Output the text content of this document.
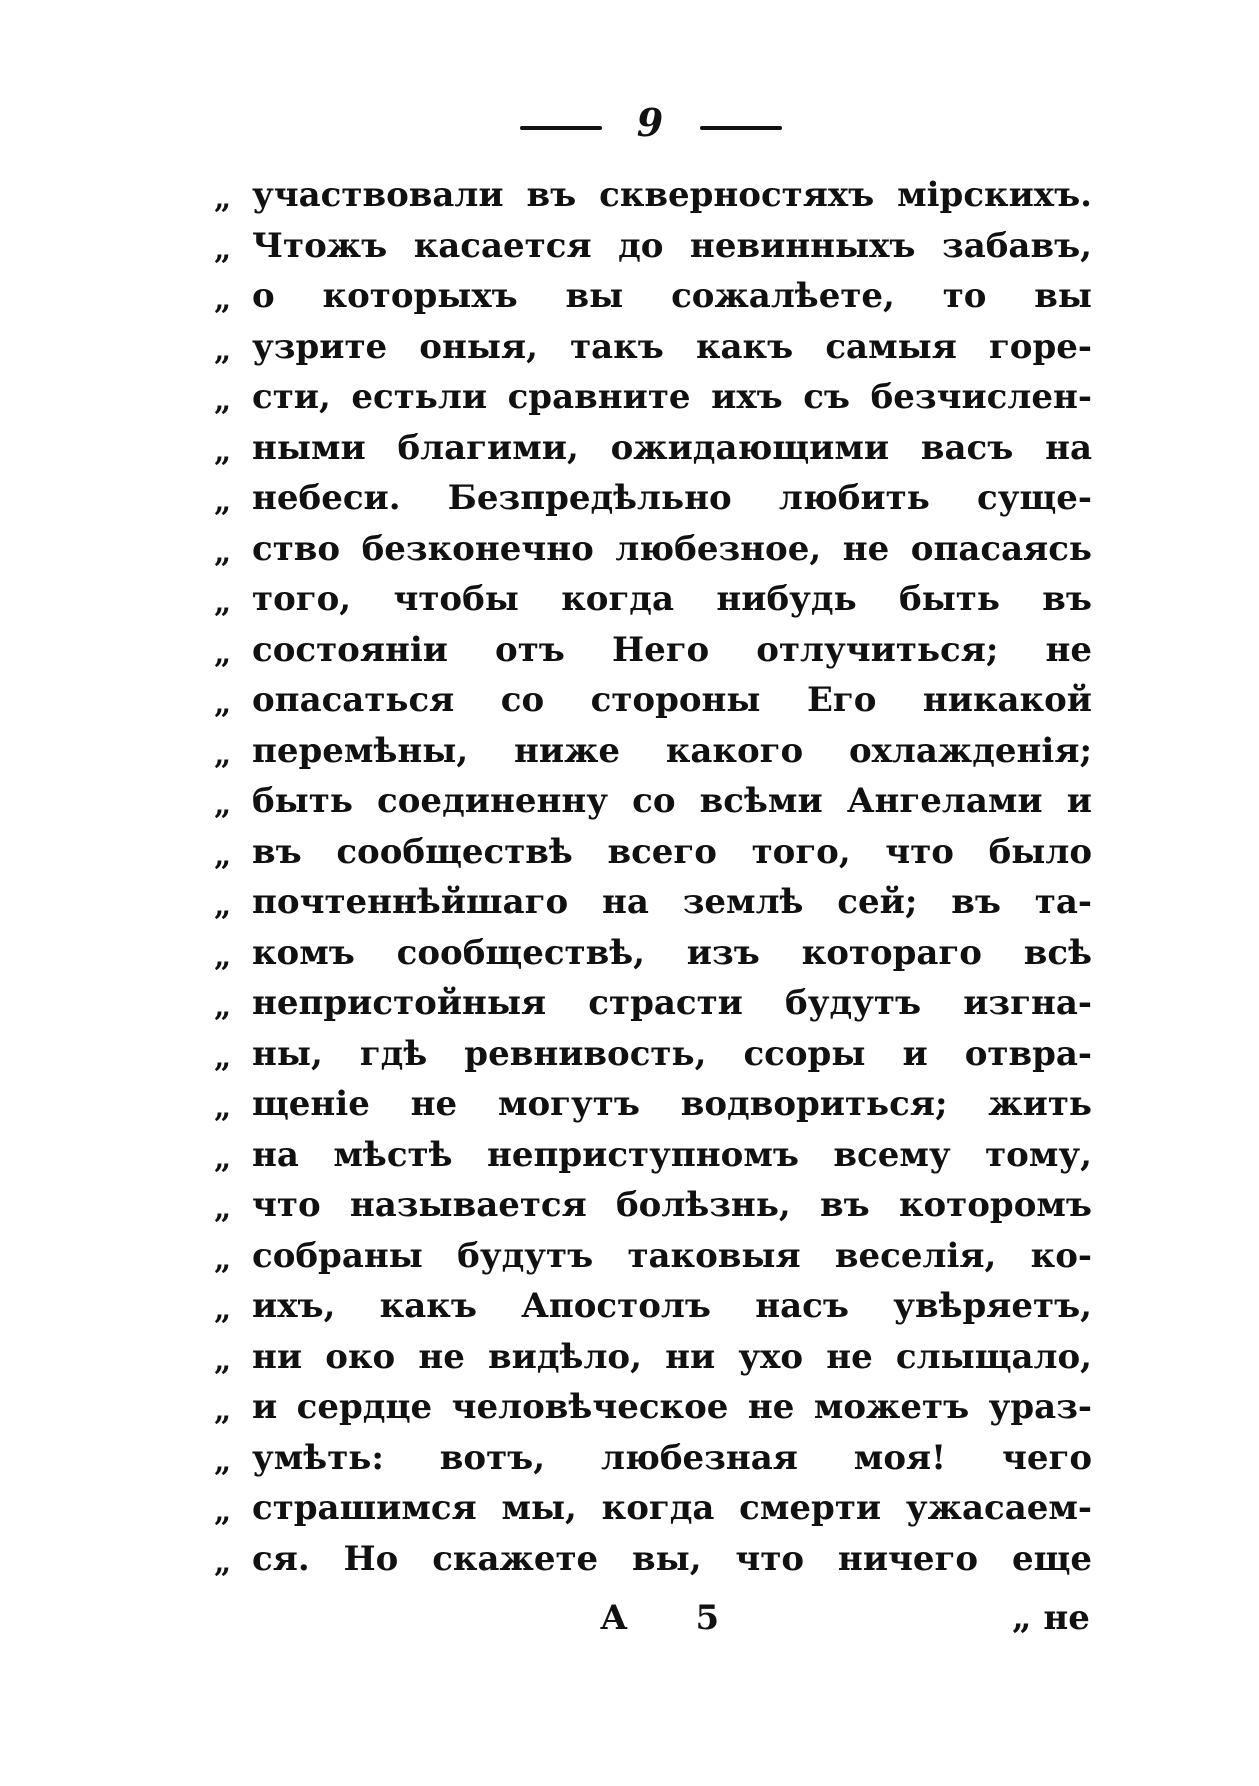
9
„ участвовали въ скверностяхъ мірскихъ.
„ Чтожъ касается до невинныхъ забавъ,
„ о которыхъ вы сожалѣете, то вы
„ узрите оныя, такъ какъ самыя горе-
„ сти, естьли сравните ихъ съ безчислен-
„ ными благими, ожидающими васъ на
„ небеси. Безпредѣльно любить суще-
„ ство безконечно любезное, не опасаясь
„ того, чтобы когда нибудь быть въ
„ состояніи отъ Него отлучиться; не
„ опасаться со стороны Его никакой
„ перемѣны, ниже какого охлажденія;
„ быть соединенну со всѣми Ангелами и
„ въ сообществѣ всего того, что было
„ почтеннѣйшаго на землѣ сей; въ та-
„ комъ сообществѣ, изъ котораго всѣ
„ непристойныя страсти будутъ изгна-
„ ны, гдѣ ревнивость, ссоры и отвра-
„ щеніе не могутъ водвориться; жить
„ на мѣстѣ неприступномъ всему тому,
„ что называется болѣзнь, въ которомъ
„ собраны будутъ таковыя веселія, ко-
„ ихъ, какъ Апостолъ насъ увѣряетъ,
„ ни око не видѣло, ни ухо не слыщало,
„ и сердце человѣческое не можетъ ураз-
„ умѣть: вотъ, любезная моя! чего
„ страшимся мы, когда смерти ужасаем-
„ ся. Но скажете вы, что ничего еще
А 5	„ не
